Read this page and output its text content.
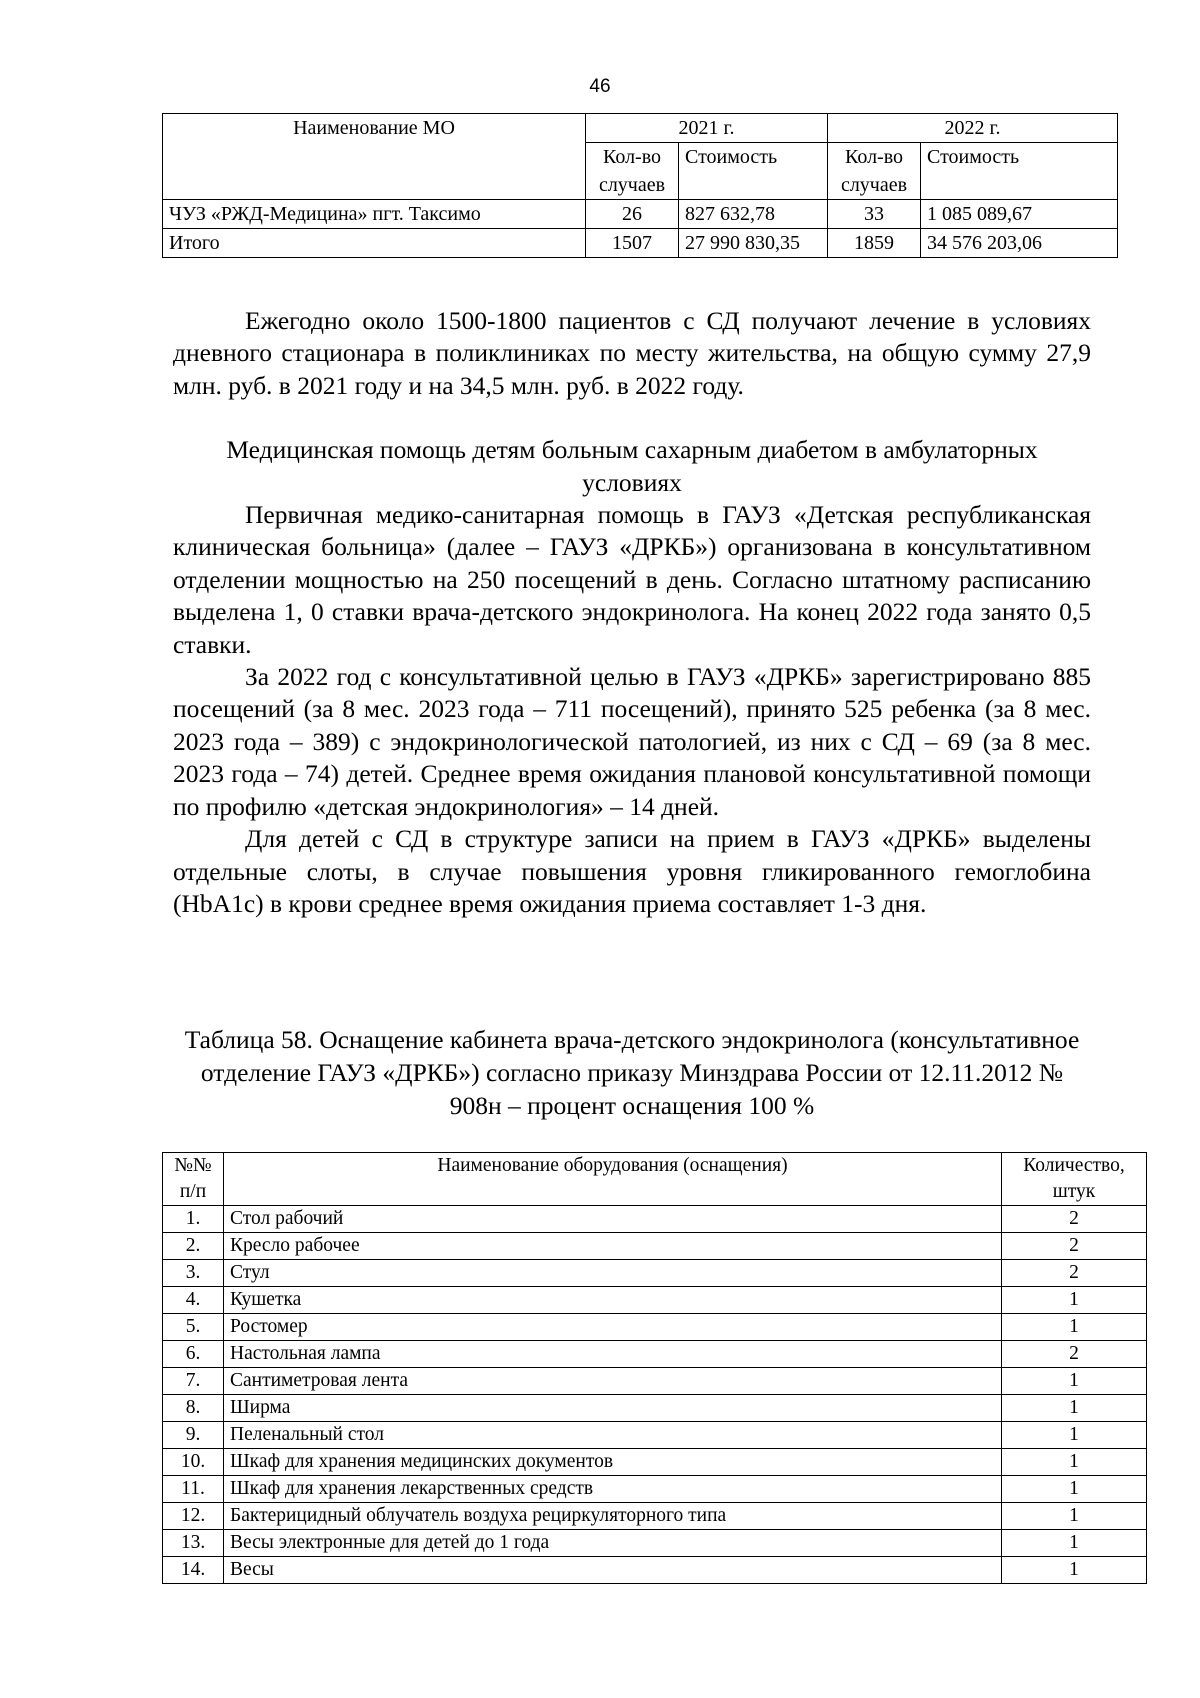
46
Наименование МО	2021 г.		2022 г.	
	Кол-во случаев	Стоимость	Кол-во случаев	Стоимость
ЧУЗ «РЖД-Медицина» пгт. Таксимо	26	827 632,78	33	1 085 089,67
Итого	1507	27 990 830,35	1859	34 576 203,06

Ежегодно около 1500-1800 пациентов с СД получают лечение в условиях дневного стационара в поликлиниках по месту жительства, на общую сумму 27,9 млн. руб. в 2021 году и на 34,5 млн. руб. в 2022 году.

Медицинская помощь детям больным сахарным диабетом в амбулаторных условиях

Первичная медико-санитарная помощь в ГАУЗ «Детская республиканская клиническая больница» (далее – ГАУЗ «ДРКБ») организована в консультативном отделении мощностью на 250 посещений в день. Согласно штатному расписанию выделена 1, 0 ставки врача-детского эндокринолога. На конец 2022 года занято 0,5 ставки.

За 2022 год с консультативной целью в ГАУЗ «ДРКБ» зарегистрировано 885 посещений (за 8 мес. 2023 года – 711 посещений), принято 525 ребенка (за 8 мес. 2023 года – 389) с эндокринологической патологией, из них с СД – 69 (за 8 мес. 2023 года – 74) детей. Среднее время ожидания плановой консультативной помощи по профилю «детская эндокринология» – 14 дней.

Для детей с СД в структуре записи на прием в ГАУЗ «ДРКБ» выделены отдельные слоты, в случае повышения уровня гликированного гемоглобина (HbA1c) в крови среднее время ожидания приема составляет 1-3 дня.

Таблица 58. Оснащение кабинета врача-детского эндокринолога (консультативное отделение ГАУЗ «ДРКБ») согласно приказу Минздрава России от 12.11.2012 № 908н – процент оснащения 100 %

№№ п/п	Наименование оборудования (оснащения)	Количество, штук
1.	Стол рабочий	2
2.	Кресло рабочее	2
3.	Стул	2
4.	Кушетка	1
5.	Ростомер	1
6.	Настольная лампа	2
7.	Сантиметровая лента	1
8.	Ширма	1
9.	Пеленальный стол	1
10.	Шкаф для хранения медицинских документов	1
11.	Шкаф для хранения лекарственных средств	1
12.	Бактерицидный облучатель воздуха рециркуляторного типа	1
13.	Весы электронные для детей до 1 года	1
14.	Весы	1
